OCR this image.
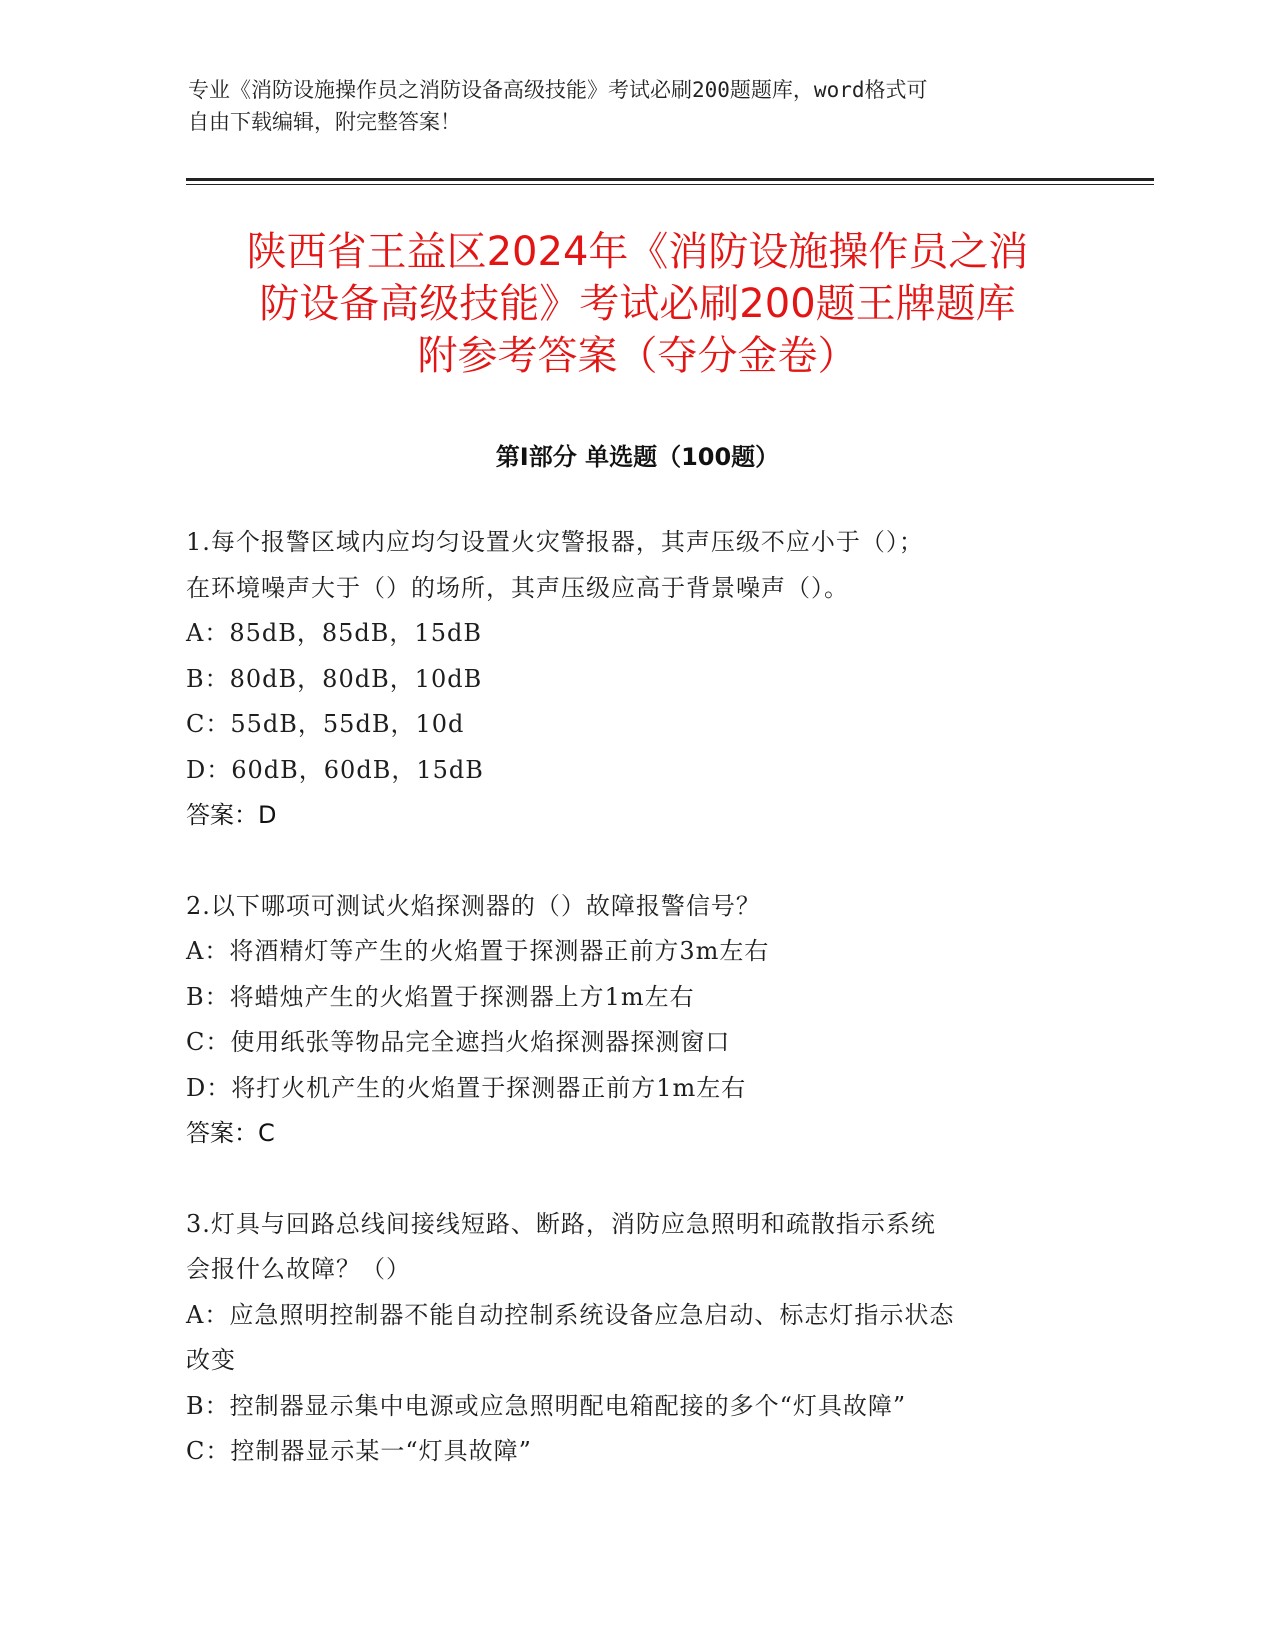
专业《消防设施操作员之消防设备高级技能》考试必刷200题题库，word格式可
自由下载编辑，附完整答案！
陕西省王益区2024年《消防设施操作员之消
防设备高级技能》考试必刷200题王牌题库
附参考答案（夺分金卷）
第I部分 单选题（100题）
1.每个报警区域内应均匀设置火灾警报器，其声压级不应小于（）；
在环境噪声大于（）的场所，其声压级应高于背景噪声（）。
A：85dB，85dB，15dB
B：80dB，80dB，10dB
C：55dB，55dB，10d
D：60dB，60dB，15dB
答案：D
2.以下哪项可测试火焰探测器的（）故障报警信号？
A：将酒精灯等产生的火焰置于探测器正前方3m左右
B：将蜡烛产生的火焰置于探测器上方1m左右
C：使用纸张等物品完全遮挡火焰探测器探测窗口
D：将打火机产生的火焰置于探测器正前方1m左右
答案：C
3.灯具与回路总线间接线短路、断路，消防应急照明和疏散指示系统
会报什么故障？（）
A：应急照明控制器不能自动控制系统设备应急启动、标志灯指示状态
改变
B：控制器显示集中电源或应急照明配电箱配接的多个“灯具故障”
C：控制器显示某一“灯具故障”
